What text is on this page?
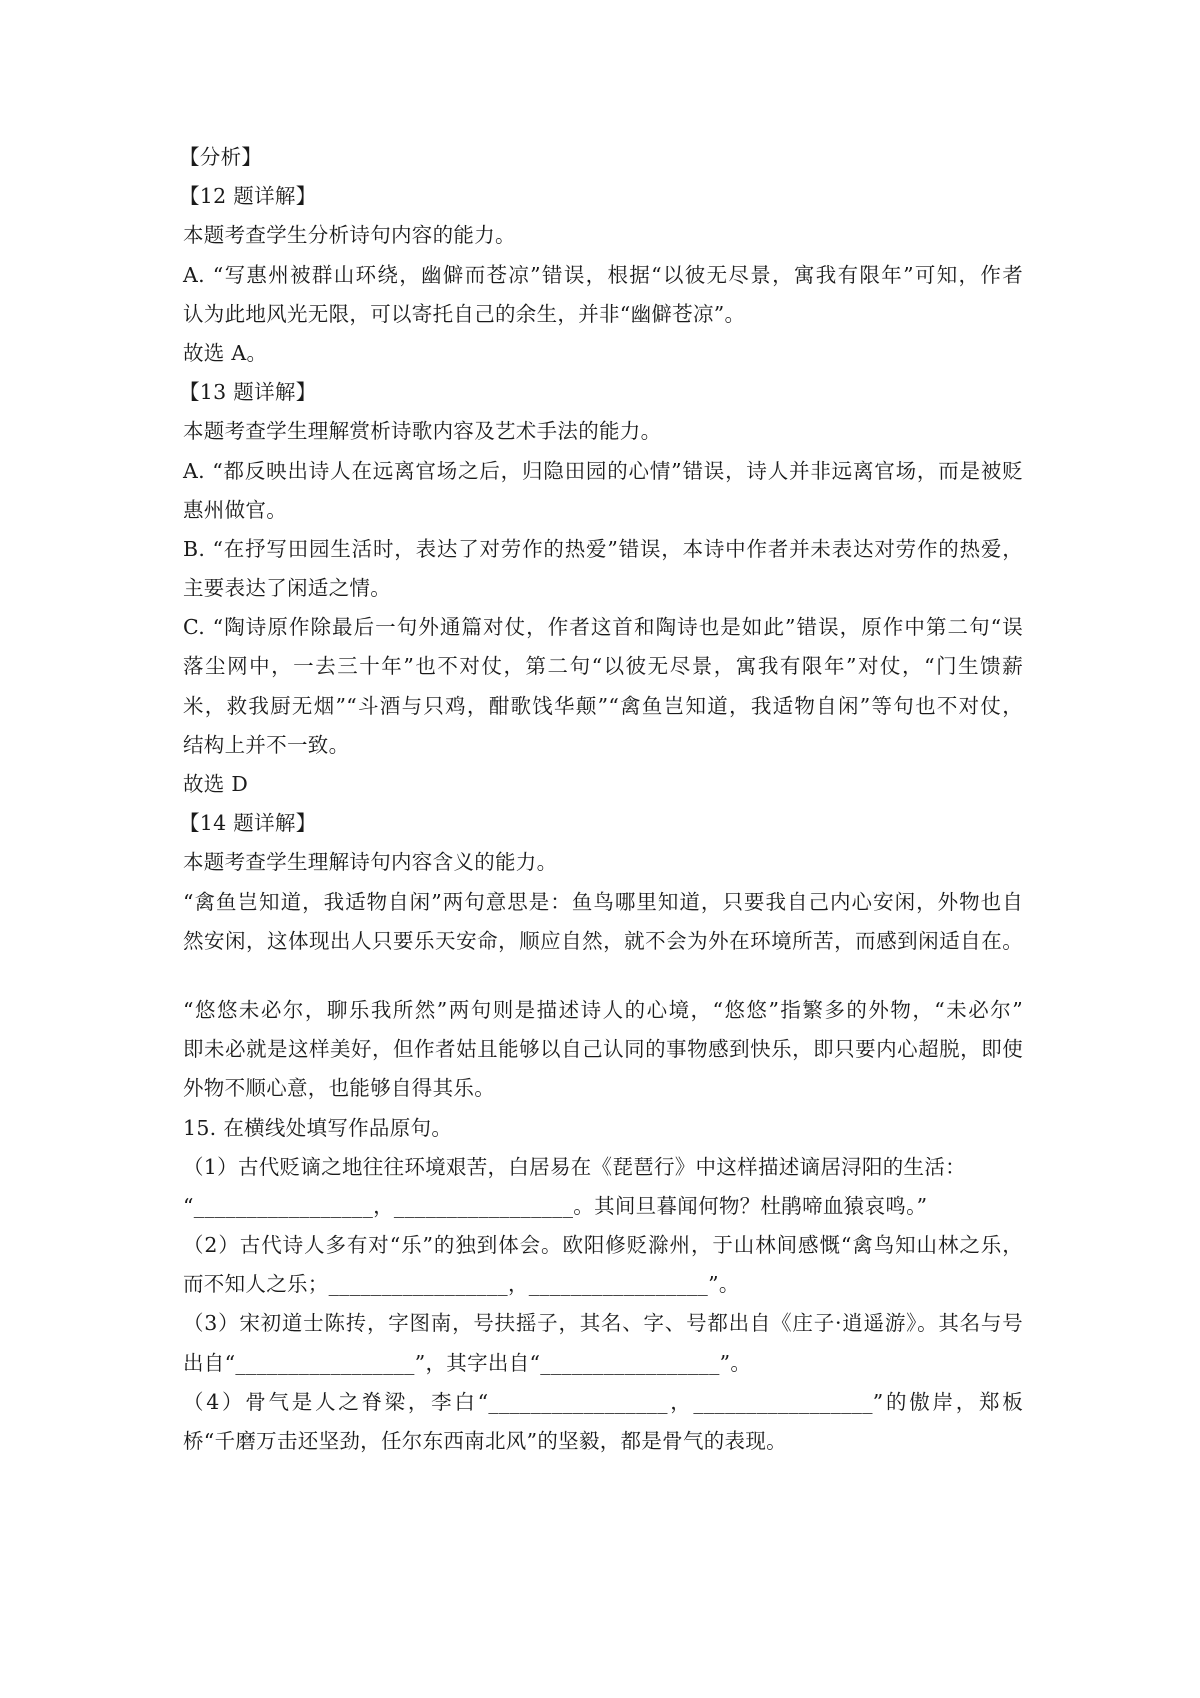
【分析】
【12 题详解】
本题考查学生分析诗句内容的能力。
A. “写惠州被群山环绕，幽僻而苍凉”错误，根据“以彼无尽景，寓我有限年”可知，作者
认为此地风光无限，可以寄托自己的余生，并非“幽僻苍凉”。
故选 A。
【13 题详解】
本题考查学生理解赏析诗歌内容及艺术手法的能力。
A. “都反映出诗人在远离官场之后，归隐田园的心情”错误，诗人并非远离官场，而是被贬
惠州做官。
B. “在抒写田园生活时，表达了对劳作的热爱”错误，本诗中作者并未表达对劳作的热爱，
主要表达了闲适之情。
C. “陶诗原作除最后一句外通篇对仗，作者这首和陶诗也是如此”错误，原作中第二句“误
落尘网中，一去三十年”也不对仗，第二句“以彼无尽景，寓我有限年”对仗，“门生馈薪
米，救我厨无烟”“斗酒与只鸡，酣歌饯华颠”“禽鱼岂知道，我适物自闲”等句也不对仗，
结构上并不一致。
故选 D
【14 题详解】
本题考查学生理解诗句内容含义的能力。
“禽鱼岂知道，我适物自闲”两句意思是：鱼鸟哪里知道，只要我自己内心安闲，外物也自
然安闲，这体现出人只要乐天安命，顺应自然，就不会为外在环境所苦，而感到闲适自在。
“悠悠未必尔，聊乐我所然”两句则是描述诗人的心境，“悠悠”指繁多的外物，“未必尔”
即未必就是这样美好，但作者姑且能够以自己认同的事物感到快乐，即只要内心超脱，即使
外物不顺心意，也能够自得其乐。
15. 在横线处填写作品原句。
（1）古代贬谪之地往往环境艰苦，白居易在《琵琶行》中这样描述谪居浔阳的生活：
“_________________，_________________。其间旦暮闻何物？杜鹃啼血猿哀鸣。”
（2）古代诗人多有对“乐”的独到体会。欧阳修贬滁州，于山林间感慨“禽鸟知山林之乐，
而不知人之乐；_________________，_________________”。
（3）宋初道士陈抟，字图南，号扶摇子，其名、字、号都出自《庄子·逍遥游》。其名与号
出自“_________________”，其字出自“_________________”。
（4）骨气是人之脊梁，李白“_________________，_________________”的傲岸，郑板
桥“千磨万击还坚劲，任尔东西南北风”的坚毅，都是骨气的表现。
